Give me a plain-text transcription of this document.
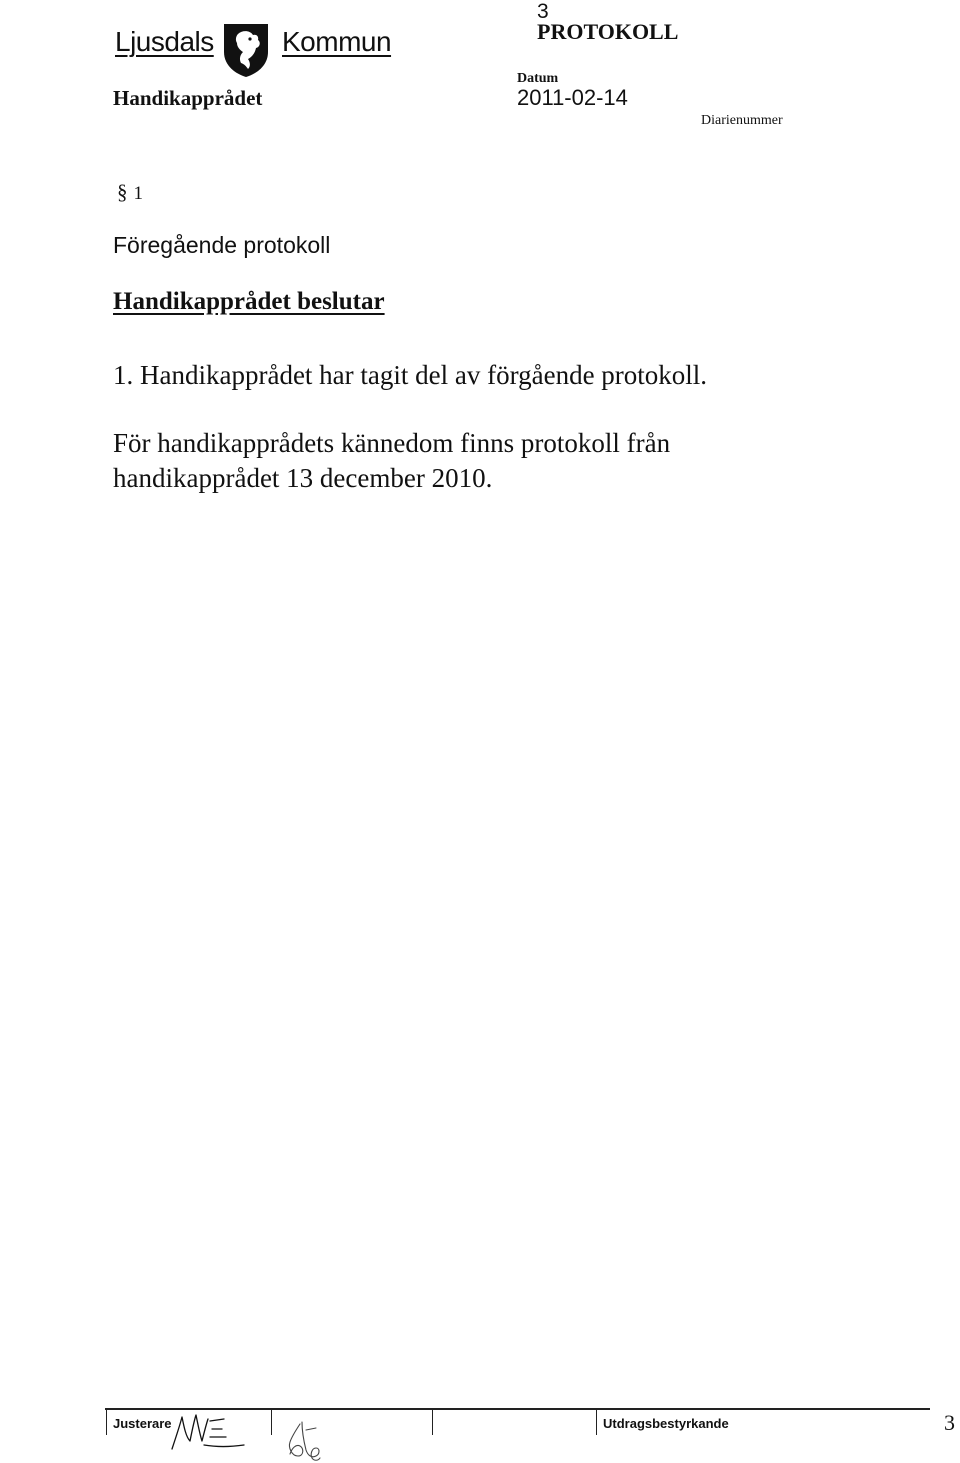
Ljusdals Kommun
Handikapprådet
3
PROTOKOLL
Datum
2011-02-14
Diarienummer
§ 1
Föregående protokoll
Handikapprådet beslutar
1. Handikapprådet har tagit del av förgående protokoll.
För handikapprådets kännedom finns protokoll från
handikapprådet 13 december 2010.
Justerare	Utdragsbestyrkande	3
